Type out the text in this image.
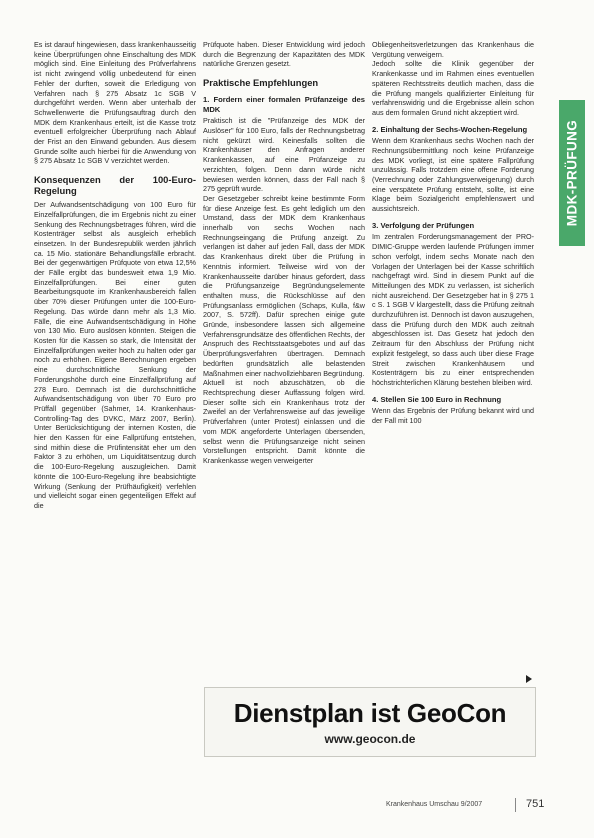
Es ist darauf hingewiesen, dass krankenhausseitig keine Überprüfungen ohne Einschaltung des MDK möglich sind. Eine Einleitung des Prüfverfahrens ist nicht zwingend völlig unbedeutend für einen Fehler der durften, soweit die Erledigung von Verfahren nach § 275 Absatz 1c SGB V durchgeführt werden. Wenn aber unterhalb der Schwellenwerte die Prüfungsauftrag durch den MDK dem Krankenhaus erteilt, ist die Kasse trotz eventuell erfolgreicher Überprüfung nach Ablauf der Frist an den Einwand gebunden. Aus diesem Grunde sollte auch hierbei für die Anwendung von § 275 Absatz 1c SGB V verzichtet werden.

Konsequenzen der 100-Euro-Regelung

Der Aufwandsentschädigung von 100 Euro für Einzelfallprüfungen, die im Ergebnis nicht zu einer Senkung des Rechnungsbetrages führen, wird die Kostenträger selbst als ausgleich erheblich einsetzen. In der Bundesrepublik werden jährlich ca. 15 Mio. stationäre Behandlungsfälle erbracht. Bei der gegenwärtigen Prüfquote von etwa 12,5% der Fälle ergibt das bundesweit etwa 1,9 Mio. Einzelfallprüfungen. Bei einer guten Bearbeitungsquote im Krankenhausbereich fallen über 70% dieser Prüfungen unter die 100-Euro-Regelung. Das würde dann mehr als 1,3 Mio. Fälle, die eine Aufwandsentschädigung in Höhe von 130 Mio. Euro auslösen könnten. Steigen die Kosten für die Kassen so stark, die Intensität der Einzelfallprüfungen weiter hoch zu halten oder gar noch zu erhöhen. Eigene Berechnungen ergeben eine durchschnittliche Senkung der Forderungshöhe durch eine Einzelfallprüfung auf 278 Euro. Demnach ist die durchschnittliche Aufwandsentschädigung von über 70 Euro pro Prüffall gegenüber (Sahmer, 14. Krankenhaus-Controlling-Tag des DVKC, März 2007, Berlin). Unter Berücksichtigung der internen Kosten, die hier den Kassen für eine Fallprüfung entstehen, sind mithin diese die Prüfintensität eher um den Faktor 3 zu erhöhen, um Liquiditätsentzug durch die 100-Euro-Regelung auszugleichen. Damit könnte die 100-Euro-Regelung ihre beabsichtigte Wirkung (Senkung der Prüfhäufigkeit) verfehlen und vielleicht sogar einen gegenteiligen Effekt auf die

Prüfquote haben. Dieser Entwicklung wird jedoch durch die Begrenzung der Kapazitäten des MDK natürliche Grenzen gesetzt.

Praktische Empfehlungen
1. Fordern einer formalen Prüfanzeige des MDK

Praktisch ist die "Prüfanzeige des MDK der Auslöser" für 100 Euro, falls der Rechnungsbetrag nicht gekürzt wird. Keinesfalls sollten die Krankenhäuser den Anfragen anderer Krankenkassen, auf eine Prüfanzeige zu verzichten, folgen. Denn dann würde nicht bewiesen werden können, dass der Fall nach § 275 geprüft wurde.

Der Gesetzgeber schreibt keine bestimmte Form für diese Anzeige fest. Es geht lediglich um den Umstand, dass der MDK dem Krankenhaus innerhalb von sechs Wochen nach Rechnungseingang die Prüfung anzeigt. Zu verlangen ist daher auf jeden Fall, dass der MDK das Krankenhaus direkt über die Prüfung in Kenntnis informiert. Teilweise wird von der Krankenhausseite darüber hinaus gefordert, dass die Prüfungsanzeige Begründungselemente enthalten muss, die Rückschlüsse auf den Prüfungsanlass ermöglichen (Schaps, Kulla, f&w 2007, S. 572ff). Dafür sprechen einige gute Gründe, insbesondere lassen sich allgemeine Verfahrensgrundsätze des öffentlichen Rechts, der Anspruch des Rechtsstaatsgebotes und auf das Überprüfungsverfahren übertragen. Demnach bedürften grundsätzlich alle belastenden Maßnahmen einer nachvollziehbaren Begründung.

Aktuell ist noch abzuschätzen, ob die Rechtsprechung dieser Auffassung folgen wird. Dieser sollte sich ein Krankenhaus trotz der Zweifel an der Verfahrensweise auf das jeweilige Prüfverfahren (unter Protest) einlassen und die vom MDK angeforderte Unterlagen übersenden, selbst wenn die Prüfungsanzeige nicht seinen Vorstellungen entspricht. Damit könnte die Krankenkasse wegen verweigerter

Obliegenheitsverletzungen das Krankenhaus die Vergütung verweigern.

Jedoch sollte die Klinik gegenüber der Krankenkasse und im Rahmen eines eventuellen späteren Rechtsstreits deutlich machen, dass die die Prüfung mangels qualifizierter Einleitung für verfahrenswidrig und die Ergebnisse allein schon aus dem formalen Grund nicht akzeptiert wird.

2. Einhaltung der Sechs-Wochen-Regelung

Wenn dem Krankenhaus sechs Wochen nach der Rechnungsübermittlung noch keine Prüfanzeige des MDK vorliegt, ist eine spätere Fallprüfung unzulässig. Falls trotzdem eine offene Forderung (Verrechnung oder Zahlungsverweigerung) durch eine verspätete Prüfung entsteht, sollte, ist eine Klage beim Sozialgericht empfehlenswert und aussichtsreich.

3. Verfolgung der Prüfungen

Im zentralen Forderungsmanagement der PRO-DIMIC-Gruppe werden laufende Prüfungen immer schon verfolgt, indem sechs Monate nach den Vorlagen der Unterlagen bei der Kasse schriftlich nachgefragt wird. Sind in diesem Punkt auf die Mitteilungen des MDK zu verlassen, ist sicherlich nicht ausreichend. Der Gesetzgeber hat in § 275 1 c S. 1 SGB V klargestellt, dass die Prüfung zeitnah durchzuführen ist. Dennoch ist davon auszugehen, dass die Prüfung durch den MDK auch zeitnah abgeschlossen ist. Das Gesetz hat jedoch den Zeitraum für den Abschluss der Prüfung nicht explizit festgelegt, so dass auch über diese Frage Streit zwischen Krankenhäusern und Kostenträgern bis zu einer entsprechenden höchstrichterlichen Klärung bestehen bleiben wird.

4. Stellen Sie 100 Euro in Rechnung

Wenn das Ergebnis der Prüfung bekannt wird und der Fall mit 100

MDK-PRÜFUNG
Dienstplan ist GeoCon
www.geocon.de
Krankenhaus Umschau 9/2007	751
